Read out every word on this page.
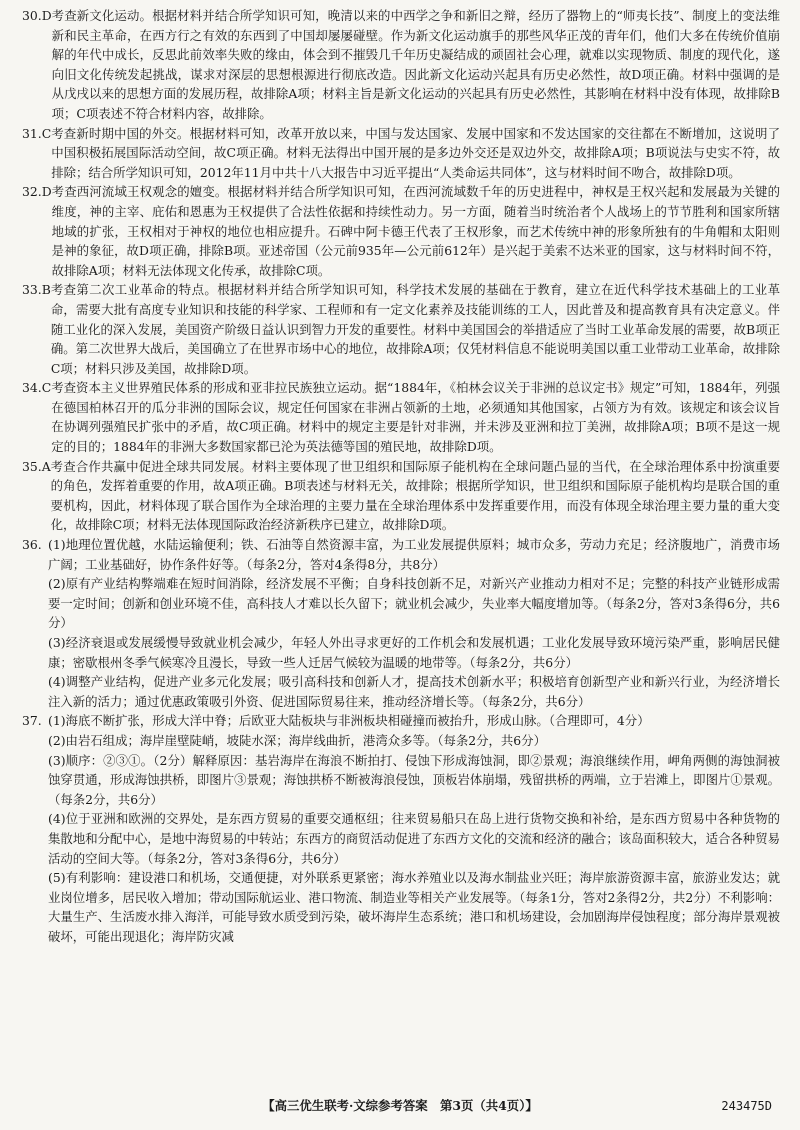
30.D 考查新文化运动。根据材料并结合所学知识可知，晚清以来的中西学之争和新旧之辩，经历了器物上的“师夷长技”、制度上的变法维新和民主革命，在西方行之有效的东西到了中国却屡屡碰壁。作为新文化运动旗手的那些风华正茂的青年们，他们大多在传统价值崩解的年代中成长，反思此前效率失败的缘由，体会到不摧毁几千年历史凝结成的顽固社会心理，就难以实现物质、制度的现代化，遂向旧文化传统发起挑战，谋求对深层的思想根源进行彻底改造。因此新文化运动兴起具有历史必然性，故D项正确。材料中强调的是从戊戌以来的思想方面的发展历程，故排除A项；材料主旨是新文化运动的兴起具有历史必然性，其影响在材料中没有体现，故排除B项；C项表述不符合材料内容，故排除。

31.C 考查新时期中国的外交。根据材料可知，改革开放以来，中国与发达国家、发展中国家和不发达国家的交往都在不断增加，这说明了中国积极拓展国际活动空间，故C项正确。材料无法得出中国开展的是多边外交还是双边外交，故排除A项；B项说法与史实不符，故排除；结合所学知识可知，2012年11月中共十八大报告中习近平提出“人类命运共同体”，这与材料时间不吻合，故排除D项。

32.D 考查西河流域王权观念的嬗变。根据材料并结合所学知识可知，在西河流域数千年的历史进程中，神权是王权兴起和发展最为关键的维度，神的主宰、庇佑和恩惠为王权提供了合法性依据和持续性动力。另一方面，随着当时统治者个人战场上的节节胜利和国家所辖地域的扩张，王权相对于神权的地位也相应提升。石碑中阿卡德王代表了王权形象，而艺术传统中神的形象所独有的牛角帽和太阳则是神的象征，故D项正确，排除B项。亚述帝国（公元前935年—公元前612年）是兴起于美索不达米亚的国家，这与材料时间不符，故排除A项；材料无法体现文化传承，故排除C项。

33.B 考查第二次工业革命的特点。根据材料并结合所学知识可知，科学技术发展的基础在于教育，建立在近代科学技术基础上的工业革命，需要大批有高度专业知识和技能的科学家、工程师和有一定文化素养及技能训练的工人，因此普及和提高教育具有决定意义。伴随工业化的深入发展，美国资产阶级日益认识到智力开发的重要性。材料中美国国会的举措适应了当时工业革命发展的需要，故B项正确。第二次世界大战后，美国确立了在世界市场中心的地位，故排除A项；仅凭材料信息不能说明美国以重工业带动工业革命，故排除C项；材料只涉及美国，故排除D项。

34.C 考查资本主义世界殖民体系的形成和亚非拉民族独立运动。据“1884年，《柏林会议关于非洲的总议定书》规定”可知，1884年，列强在德国柏林召开的瓜分非洲的国际会议，规定任何国家在非洲占领新的土地，必须通知其他国家，占领方为有效。该规定和该会议旨在协调列强殖民扩张中的矛盾，故C项正确。材料中的规定主要是针对非洲，并未涉及亚洲和拉丁美洲，故排除A项；B项不是这一规定的目的；1884年的非洲大多数国家都已沦为英法德等国的殖民地，故排除D项。

35.A 考查合作共赢中促进全球共同发展。材料主要体现了世卫组织和国际原子能机构在全球问题凸显的当代，在全球治理体系中扮演重要的角色，发挥着重要的作用，故A项正确。B项表述与材料无关，故排除；根据所学知识，世卫组织和国际原子能机构均是联合国的重要机构，因此，材料体现了联合国作为全球治理的主要力量在全球治理体系中发挥重要作用，而没有体现全球治理主要力量的重大变化，故排除C项；材料无法体现国际政治经济新秩序已建立，故排除D项。

36. (1)地理位置优越，水陆运输便利；铁、石油等自然资源丰富，为工业发展提供原料；城市众多，劳动力充足；经济腹地广，消费市场广阔；工业基础好，协作条件好等。（每条2分，答对4条得8分，共8分）

(2)原有产业结构弊端难在短时间消除，经济发展不平衡；自身科技创新不足，对新兴产业推动力相对不足；完整的科技产业链形成需要一定时间；创新和创业环境不佳，高科技人才难以长久留下；就业机会减少，失业率大幅度增加等。（每条2分，答对3条得6分，共6分）

(3)经济衰退或发展缓慢导致就业机会减少，年轻人外出寻求更好的工作机会和发展机遇；工业化发展导致环境污染严重，影响居民健康；密歇根州冬季气候寒冷且漫长，导致一些人迁居气候较为温暖的地带等。（每条2分，共6分）

(4)调整产业结构，促进产业多元化发展；吸引高科技和创新人才，提高技术创新水平；积极培育创新型产业和新兴行业，为经济增长注入新的活力；通过优惠政策吸引外资、促进国际贸易往来，推动经济增长等。（每条2分，共6分）

37. (1)海底不断扩张，形成大洋中脊；后欧亚大陆板块与非洲板块相碰撞而被抬升，形成山脉。（合理即可，4分）

(2)由岩石组成；海岸崖壁陡峭，坡陡水深；海岸线曲折，港湾众多等。（每条2分，共6分）

(3)顺序：②③①。（2分）解释原因：基岩海岸在海浪不断拍打、侵蚀下形成海蚀洞，即②景观；海浪继续作用，岬角两侧的海蚀洞被蚀穿贯通，形成海蚀拱桥，即图片③景观；海蚀拱桥不断被海浪侵蚀，顶板岩体崩塌，残留拱桥的两端，立于岩滩上，即图片①景观。（每条2分，共6分）

(4)位于亚洲和欧洲的交界处，是东西方贸易的重要交通枢纽；往来贸易船只在岛上进行货物交换和补给，是东西方贸易中各种货物的集散地和分配中心，是地中海贸易的中转站；东西方的商贸活动促进了东西方文化的交流和经济的融合；该岛面积较大，适合各种贸易活动的空间大等。（每条2分，答对3条得6分，共6分）

(5)有利影响：建设港口和机场，交通便捷，对外联系更紧密；海水养殖业以及海水制盐业兴旺；海岸旅游资源丰富，旅游业发达；就业岗位增多，居民收入增加；带动国际航运业、港口物流、制造业等相关产业发展等。（每条1分，答对2条得2分，共2分）不利影响：大量生产、生活废水排入海洋，可能导致水质受到污染，破坏海岸生态系统；港口和机场建设，会加剧海岸侵蚀程度；部分海岸景观被破坏，可能出现退化；海岸防灾减

【高三优生联考·文综参考答案　第3页（共4页）】	243475D
